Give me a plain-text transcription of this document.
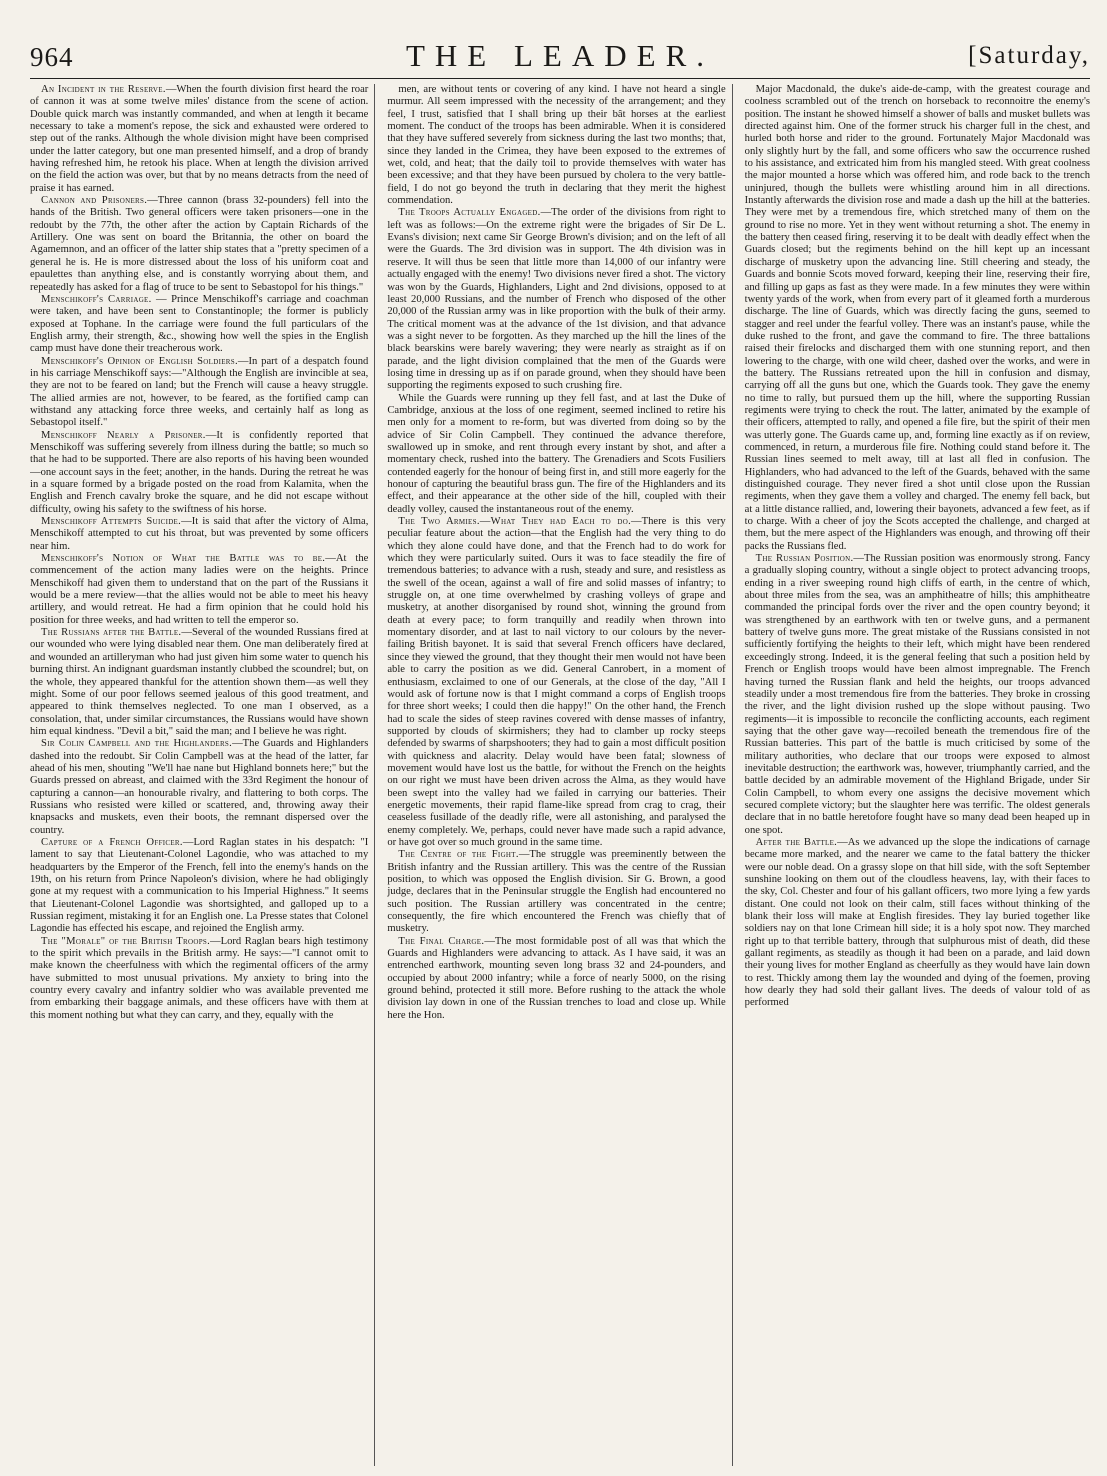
964	THE LEADER.	[Saturday,

An Incident in the Reserve.—When the fourth division first heard the roar of cannon it was at some twelve miles' distance from the scene of action. Double quick march was instantly commanded, and when at length it became necessary to take a moment's repose, the sick and exhausted were ordered to step out of the ranks. Although the whole division might have been comprised under the latter category, but one man presented himself, and a drop of brandy having refreshed him, he retook his place. When at length the division arrived on the field the action was over, but that by no means detracts from the need of praise it has earned.

Cannon and Prisoners.—Three cannon (brass 32-pounders) fell into the hands of the British. Two general officers were taken prisoners—one in the redoubt by the 77th, the other after the action by Captain Richards of the Artillery. One was sent on board the Britannia, the other on board the Agamemnon, and an officer of the latter ship states that a "pretty specimen of a general he is. He is more distressed about the loss of his uniform coat and epaulettes than anything else, and is constantly worrying about them, and repeatedly has asked for a flag of truce to be sent to Sebastopol for his things."

Menschikoff's Carriage. — Prince Menschikoff's carriage and coachman were taken, and have been sent to Constantinople; the former is publicly exposed at Tophane. In the carriage were found the full particulars of the English army, their strength, &c., showing how well the spies in the English camp must have done their treacherous work.

Menschikoff's Opinion of English Soldiers.—In part of a despatch found in his carriage Menschikoff says:—"Although the English are invincible at sea, they are not to be feared on land; but the French will cause a heavy struggle. The allied armies are not, however, to be feared, as the fortified camp can withstand any attacking force three weeks, and certainly half as long as Sebastopol itself."

Menschikoff Nearly a Prisoner.—It is confidently reported that Menschikoff was suffering severely from illness during the battle; so much so that he had to be supported. There are also reports of his having been wounded—one account says in the feet; another, in the hands. During the retreat he was in a square formed by a brigade posted on the road from Kalamita, when the English and French cavalry broke the square, and he did not escape without difficulty, owing his safety to the swiftness of his horse.

Menschikoff Attempts Suicide.—It is said that after the victory of Alma, Menschikoff attempted to cut his throat, but was prevented by some officers near him.

Menschikoff's Notion of What the Battle was to be.—At the commencement of the action many ladies were on the heights. Prince Menschikoff had given them to understand that on the part of the Russians it would be a mere review—that the allies would not be able to meet his heavy artillery, and would retreat. He had a firm opinion that he could hold his position for three weeks, and had written to tell the emperor so.

The Russians after the Battle.—Several of the wounded Russians fired at our wounded who were lying disabled near them. One man deliberately fired at and wounded an artilleryman who had just given him some water to quench his burning thirst. An indignant guardsman instantly clubbed the scoundrel; but, on the whole, they appeared thankful for the attention shown them—as well they might. Some of our poor fellows seemed jealous of this good treatment, and appeared to think themselves neglected. To one man I observed, as a consolation, that, under similar circumstances, the Russians would have shown him equal kindness. "Devil a bit," said the man; and I believe he was right.

Sir Colin Campbell and the Highlanders.—The Guards and Highlanders dashed into the redoubt. Sir Colin Campbell was at the head of the latter, far ahead of his men, shouting "We'll hae nane but Highland bonnets here;" but the Guards pressed on abreast, and claimed with the 33rd Regiment the honour of capturing a cannon—an honourable rivalry, and flattering to both corps. The Russians who resisted were killed or scattered, and, throwing away their knapsacks and muskets, even their boots, the remnant dispersed over the country.

Capture of a French Officer.—Lord Raglan states in his despatch: "I lament to say that Lieutenant-Colonel Lagondie, who was attached to my headquarters by the Emperor of the French, fell into the enemy's hands on the 19th, on his return from Prince Napoleon's division, where he had obligingly gone at my request with a communication to his Imperial Highness." It seems that Lieutenant-Colonel Lagondie was shortsighted, and galloped up to a Russian regiment, mistaking it for an English one. La Presse states that Colonel Lagondie has effected his escape, and rejoined the English army.

The "Morale" of the British Troops.—Lord Raglan bears high testimony to the spirit which prevails in the British army. He says:—"I cannot omit to make known the cheerfulness with which the regimental officers of the army have submitted to most unusual privations. My anxiety to bring into the country every cavalry and infantry soldier who was available prevented me from embarking their baggage animals, and these officers have with them at this moment nothing but what they can carry, and they, equally with the

men, are without tents or covering of any kind. I have not heard a single murmur. All seem impressed with the necessity of the arrangement; and they feel, I trust, satisfied that I shall bring up their bât horses at the earliest moment. The conduct of the troops has been admirable. When it is considered that they have suffered severely from sickness during the last two months; that, since they landed in the Crimea, they have been exposed to the extremes of wet, cold, and heat; that the daily toil to provide themselves with water has been excessive; and that they have been pursued by cholera to the very battle-field, I do not go beyond the truth in declaring that they merit the highest commendation.

The Troops Actually Engaged.—The order of the divisions from right to left was as follows:—On the extreme right were the brigades of Sir De L. Evans's division; next came Sir George Brown's division; and on the left of all were the Guards. The 3rd division was in support. The 4th division was in reserve. It will thus be seen that little more than 14,000 of our infantry were actually engaged with the enemy! Two divisions never fired a shot. The victory was won by the Guards, Highlanders, Light and 2nd divisions, opposed to at least 20,000 Russians, and the number of French who disposed of the other 20,000 of the Russian army was in like proportion with the bulk of their army. The critical moment was at the advance of the 1st division, and that advance was a sight never to be forgotten. As they marched up the hill the lines of the black bearskins were barely wavering; they were nearly as straight as if on parade, and the light division complained that the men of the Guards were losing time in dressing up as if on parade ground, when they should have been supporting the regiments exposed to such crushing fire.

While the Guards were running up they fell fast, and at last the Duke of Cambridge, anxious at the loss of one regiment, seemed inclined to retire his men only for a moment to re-form, but was diverted from doing so by the advice of Sir Colin Campbell. They continued the advance therefore, swallowed up in smoke, and rent through every instant by shot, and after a momentary check, rushed into the battery. The Grenadiers and Scots Fusiliers contended eagerly for the honour of being first in, and still more eagerly for the honour of capturing the beautiful brass gun. The fire of the Highlanders and its effect, and their appearance at the other side of the hill, coupled with their deadly volley, caused the instantaneous rout of the enemy.

The Two Armies.—What They had Each to do.—There is this very peculiar feature about the action—that the English had the very thing to do which they alone could have done, and that the French had to do work for which they were particularly suited. Ours it was to face steadily the fire of tremendous batteries; to advance with a rush, steady and sure, and resistless as the swell of the ocean, against a wall of fire and solid masses of infantry; to struggle on, at one time overwhelmed by crashing volleys of grape and musketry, at another disorganised by round shot, winning the ground from death at every pace; to form tranquilly and readily when thrown into momentary disorder, and at last to nail victory to our colours by the never-failing British bayonet. It is said that several French officers have declared, since they viewed the ground, that they thought their men would not have been able to carry the position as we did. General Canrobert, in a moment of enthusiasm, exclaimed to one of our Generals, at the close of the day, "All I would ask of fortune now is that I might command a corps of English troops for three short weeks; I could then die happy!" On the other hand, the French had to scale the sides of steep ravines covered with dense masses of infantry, supported by clouds of skirmishers; they had to clamber up rocky steeps defended by swarms of sharpshooters; they had to gain a most difficult position with quickness and alacrity. Delay would have been fatal; slowness of movement would have lost us the battle, for without the French on the heights on our right we must have been driven across the Alma, as they would have been swept into the valley had we failed in carrying our batteries. Their energetic movements, their rapid flame-like spread from crag to crag, their ceaseless fusillade of the deadly rifle, were all astonishing, and paralysed the enemy completely. We, perhaps, could never have made such a rapid advance, or have got over so much ground in the same time.

The Centre of the Fight.—The struggle was preeminently between the British infantry and the Russian artillery. This was the centre of the Russian position, to which was opposed the English division. Sir G. Brown, a good judge, declares that in the Peninsular struggle the English had encountered no such position. The Russian artillery was concentrated in the centre; consequently, the fire which encountered the French was chiefly that of musketry.

The Final Charge.—The most formidable post of all was that which the Guards and Highlanders were advancing to attack. As I have said, it was an entrenched earthwork, mounting seven long brass 32 and 24-pounders, and occupied by about 2000 infantry; while a force of nearly 5000, on the rising ground behind, protected it still more. Before rushing to the attack the whole division lay down in one of the Russian trenches to load and close up. While here the Hon.

Major Macdonald, the duke's aide-de-camp, with the greatest courage and coolness scrambled out of the trench on horseback to reconnoitre the enemy's position. The instant he showed himself a shower of balls and musket bullets was directed against him. One of the former struck his charger full in the chest, and hurled both horse and rider to the ground. Fortunately Major Macdonald was only slightly hurt by the fall, and some officers who saw the occurrence rushed to his assistance, and extricated him from his mangled steed. With great coolness the major mounted a horse which was offered him, and rode back to the trench uninjured, though the bullets were whistling around him in all directions. Instantly afterwards the division rose and made a dash up the hill at the batteries. They were met by a tremendous fire, which stretched many of them on the ground to rise no more. Yet in they went without returning a shot. The enemy in the battery then ceased firing, reserving it to be dealt with deadly effect when the Guards closed; but the regiments behind on the hill kept up an incessant discharge of musketry upon the advancing line. Still cheering and steady, the Guards and bonnie Scots moved forward, keeping their line, reserving their fire, and filling up gaps as fast as they were made. In a few minutes they were within twenty yards of the work, when from every part of it gleamed forth a murderous discharge. The line of Guards, which was directly facing the guns, seemed to stagger and reel under the fearful volley. There was an instant's pause, while the duke rushed to the front, and gave the command to fire. The three battalions raised their firelocks and discharged them with one stunning report, and then lowering to the charge, with one wild cheer, dashed over the works, and were in the battery. The Russians retreated upon the hill in confusion and dismay, carrying off all the guns but one, which the Guards took. They gave the enemy no time to rally, but pursued them up the hill, where the supporting Russian regiments were trying to check the rout. The latter, animated by the example of their officers, attempted to rally, and opened a file fire, but the spirit of their men was utterly gone. The Guards came up, and, forming line exactly as if on review, commenced, in return, a murderous file fire. Nothing could stand before it. The Russian lines seemed to melt away, till at last all fled in confusion. The Highlanders, who had advanced to the left of the Guards, behaved with the same distinguished courage. They never fired a shot until close upon the Russian regiments, when they gave them a volley and charged. The enemy fell back, but at a little distance rallied, and, lowering their bayonets, advanced a few feet, as if to charge. With a cheer of joy the Scots accepted the challenge, and charged at them, but the mere aspect of the Highlanders was enough, and throwing off their packs the Russians fled.

The Russian Position.—The Russian position was enormously strong. Fancy a gradually sloping country, without a single object to protect advancing troops, ending in a river sweeping round high cliffs of earth, in the centre of which, about three miles from the sea, was an amphitheatre of hills; this amphitheatre commanded the principal fords over the river and the open country beyond; it was strengthened by an earthwork with ten or twelve guns, and a permanent battery of twelve guns more. The great mistake of the Russians consisted in not sufficiently fortifying the heights to their left, which might have been rendered exceedingly strong. Indeed, it is the general feeling that such a position held by French or English troops would have been almost impregnable. The French having turned the Russian flank and held the heights, our troops advanced steadily under a most tremendous fire from the batteries. They broke in crossing the river, and the light division rushed up the slope without pausing. Two regiments—it is impossible to reconcile the conflicting accounts, each regiment saying that the other gave way—recoiled beneath the tremendous fire of the Russian batteries. This part of the battle is much criticised by some of the military authorities, who declare that our troops were exposed to almost inevitable destruction; the earthwork was, however, triumphantly carried, and the battle decided by an admirable movement of the Highland Brigade, under Sir Colin Campbell, to whom every one assigns the decisive movement which secured complete victory; but the slaughter here was terrific. The oldest generals declare that in no battle heretofore fought have so many dead been heaped up in one spot.

After the Battle.—As we advanced up the slope the indications of carnage became more marked, and the nearer we came to the fatal battery the thicker were our noble dead. On a grassy slope on that hill side, with the soft September sunshine looking on them out of the cloudless heavens, lay, with their faces to the sky, Col. Chester and four of his gallant officers, two more lying a few yards distant. One could not look on their calm, still faces without thinking of the blank their loss will make at English firesides. They lay buried together like soldiers nay on that lone Crimean hill side; it is a holy spot now. They marched right up to that terrible battery, through that sulphurous mist of death, did these gallant regiments, as steadily as though it had been on a parade, and laid down their young lives for mother England as cheerfully as they would have lain down to rest. Thickly among them lay the wounded and dying of the foemen, proving how dearly they had sold their gallant lives. The deeds of valour told of as performed
